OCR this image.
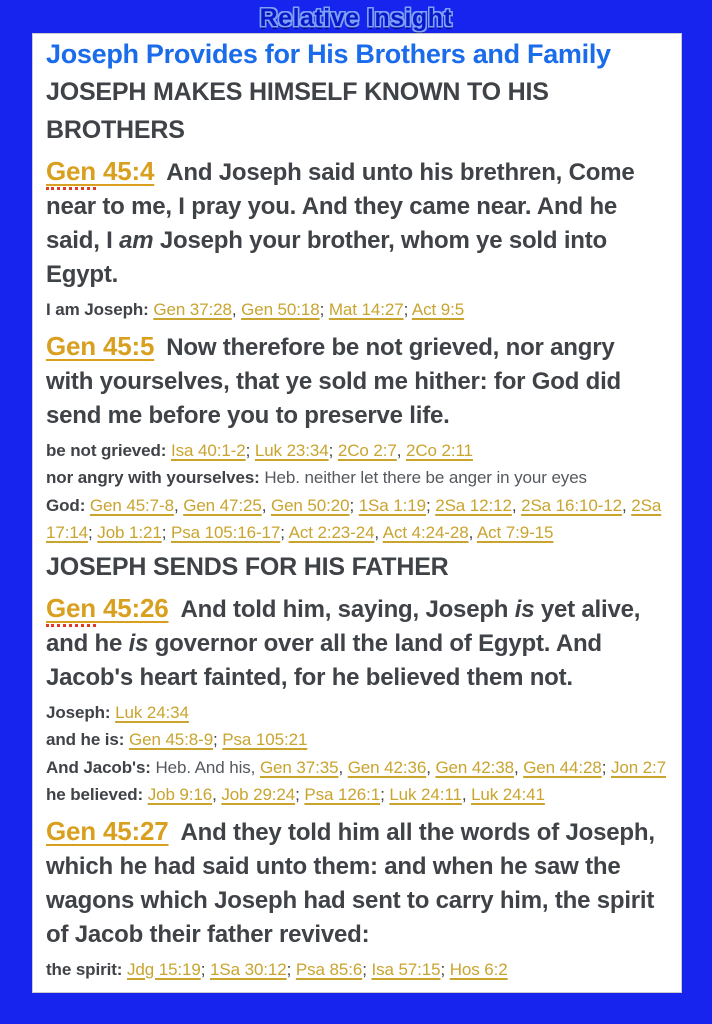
Relative Insight
Joseph Provides for His Brothers and Family
JOSEPH MAKES HIMSELF KNOWN TO HIS BROTHERS
Gen 45:4 And Joseph said unto his brethren, Come near to me, I pray you. And they came near. And he said, I am Joseph your brother, whom ye sold into Egypt.
I am Joseph: Gen 37:28, Gen 50:18; Mat 14:27; Act 9:5
Gen 45:5 Now therefore be not grieved, nor angry with yourselves, that ye sold me hither: for God did send me before you to preserve life.
be not grieved: Isa 40:1-2; Luk 23:34; 2Co 2:7, 2Co 2:11
nor angry with yourselves: Heb. neither let there be anger in your eyes
God: Gen 45:7-8, Gen 47:25, Gen 50:20; 1Sa 1:19; 2Sa 12:12, 2Sa 16:10-12, 2Sa 17:14; Job 1:21; Psa 105:16-17; Act 2:23-24, Act 4:24-28, Act 7:9-15
JOSEPH SENDS FOR HIS FATHER
Gen 45:26 And told him, saying, Joseph is yet alive, and he is governor over all the land of Egypt. And Jacob's heart fainted, for he believed them not.
Joseph: Luk 24:34
and he is: Gen 45:8-9; Psa 105:21
And Jacob's: Heb. And his, Gen 37:35, Gen 42:36, Gen 42:38, Gen 44:28; Jon 2:7
he believed: Job 9:16, Job 29:24; Psa 126:1; Luk 24:11, Luk 24:41
Gen 45:27 And they told him all the words of Joseph, which he had said unto them: and when he saw the wagons which Joseph had sent to carry him, the spirit of Jacob their father revived:
the spirit: Jdg 15:19; 1Sa 30:12; Psa 85:6; Isa 57:15; Hos 6:2
